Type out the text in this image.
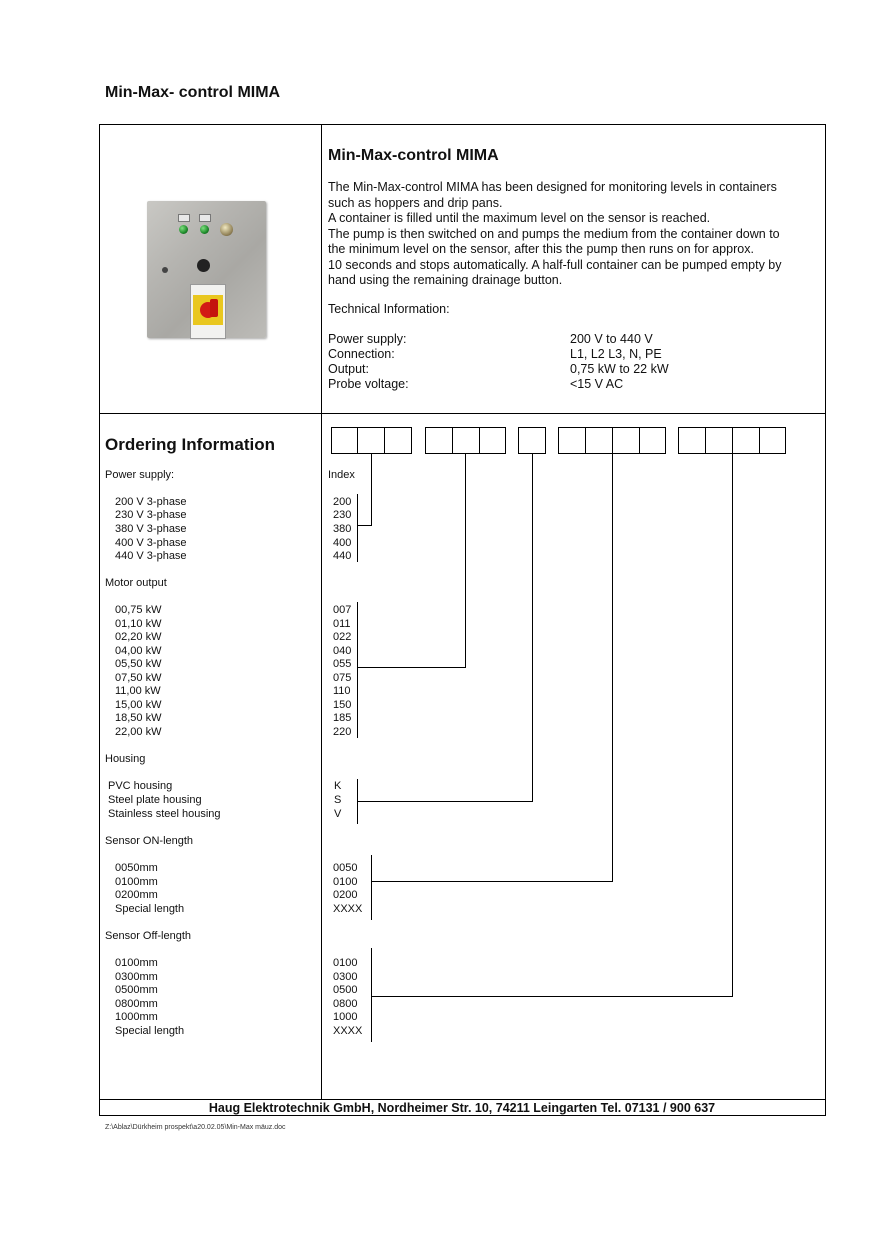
Min-Max- control MIMA
Min-Max-control MIMA
The Min-Max-control MIMA has been designed for monitoring levels in containers
such as hoppers and drip pans.
A container is filled until the maximum level on the sensor is reached.
The pump is then switched on and pumps the medium from the container down to
the minimum level on the sensor, after this the pump then runs on for approx.
10 seconds and stops automatically. A half-full container can be pumped empty by
hand using the remaining drainage button.
Technical Information:
Power supply:
Connection:
Output:
Probe voltage:
200 V to 440 V
L1, L2 L3, N, PE
0,75 kW to 22 kW
<15 V AC
Ordering Information
Index
Power supply:
200 V 3-phase
230 V 3-phase
380 V 3-phase
400 V 3-phase
440 V 3-phase
200
230
380
400
440
Motor output
00,75 kW
01,10 kW
02,20 kW
04,00 kW
05,50 kW
07,50 kW
11,00 kW
15,00 kW
18,50 kW
22,00 kW
007
011
022
040
055
075
110
150
185
220
Housing
PVC housing
Steel plate housing
Stainless steel housing
K
S
V
Sensor ON-length
0050mm
0100mm
0200mm
Special length
0050
0100
0200
XXXX
Sensor Off-length
0100mm
0300mm
0500mm
0800mm
1000mm
Special length
0100
0300
0500
0800
1000
XXXX
Haug Elektrotechnik GmbH, Nordheimer Str. 10, 74211 Leingarten Tel. 07131 / 900 637
Z:\Ablaz\Dürkheim prospekt\a20.02.05\Min-Max mäuz.doc
